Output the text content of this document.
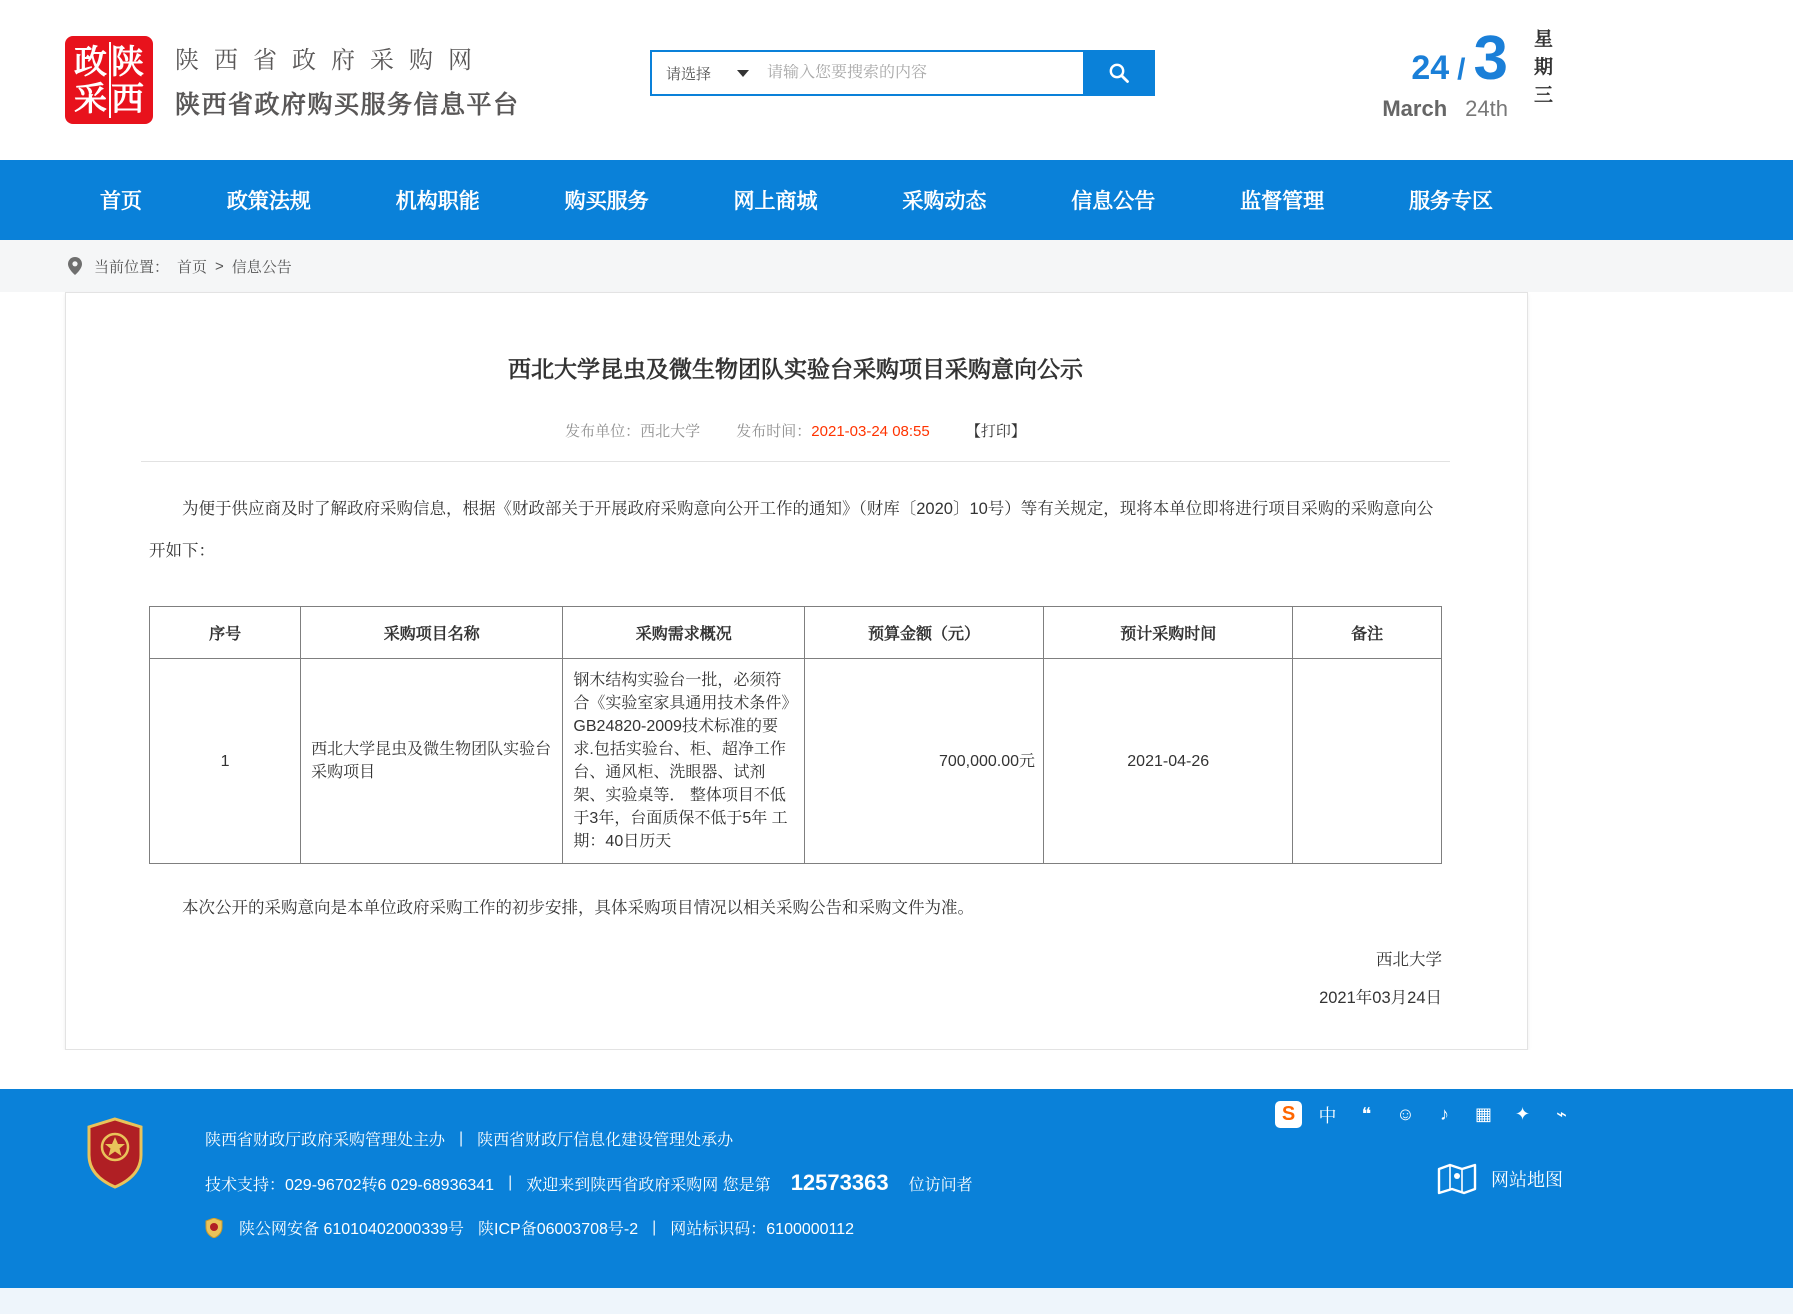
政 陕
采 西
陕西省政府采购网
陕西省政府购买服务信息平台
请选择
请输入您要搜索的内容	24 / 3
March 24th
星
期
三
首页	政策法规	机构职能	购买服务	网上商城	采购动态	信息公告	监督管理	服务专区
当前位置： 首页 > 信息公告
西北大学昆虫及微生物团队实验台采购项目采购意向公示
发布单位：西北大学 发布时间：2021-03-24 08:55 【打印】

为便于供应商及时了解政府采购信息，根据《财政部关于开展政府采购意向公开工作的通知》（财库〔2020〕10号）等有关规定，现将本单位即将进行项目采购的采购意向公开如下：

序号	采购项目名称	采购需求概况	预算金额（元）	预计采购时间	备注
1	西北大学昆虫及微生物团队实验台采购项目	钢木结构实验台一批，必须符合《实验室家具通用技术条件》GB24820-2009技术标准的要求.包括实验台、柜、超净工作台、通风柜、洗眼器、试剂架、实验桌等． 整体项目不低于3年，台面质保不低于5年 工期：40日历天	700,000.00元	2021-04-26	

本次公开的采购意向是本单位政府采购工作的初步安排，具体采购项目情况以相关采购公告和采购文件为准。

西北大学
2021年03月24日
陕西省财政厅政府采购管理处主办 | 陕西省财政厅信息化建设管理处承办
技术支持：029-96702转6 029-68936341 | 欢迎来到陕西省政府采购网 您是第 12573363 位访问者
陕公网安备 61010402000339号 陕ICP备06003708号-2 | 网站标识码：6100000112
S	中	❝	☺	♪	▦	✦	⌁
网站地图
